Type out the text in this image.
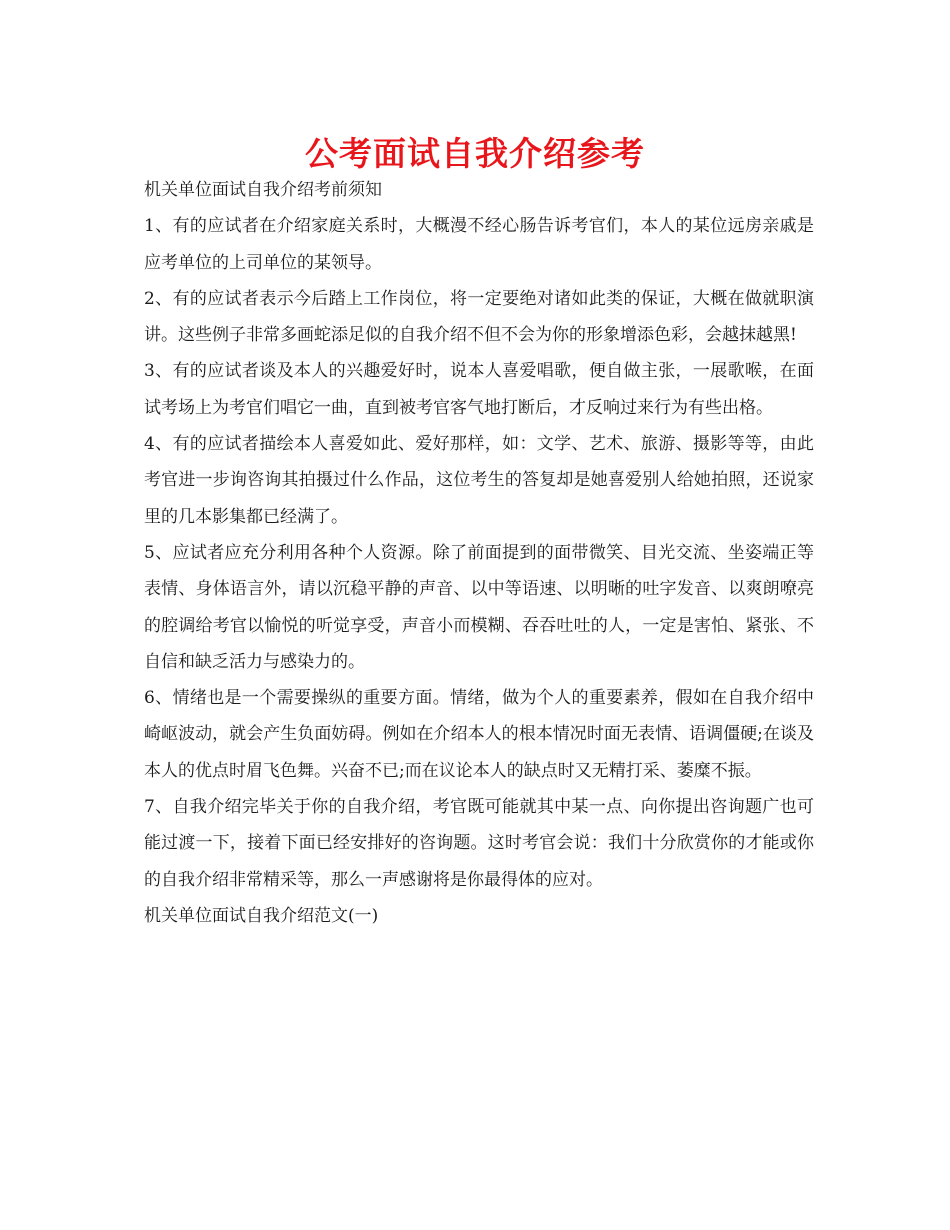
公考面试自我介绍参考

机关单位面试自我介绍考前须知

1、有的应试者在介绍家庭关系时，大概漫不经心肠告诉考官们，本人的某位远房亲戚是应考单位的上司单位的某领导。

2、有的应试者表示今后踏上工作岗位，将一定要绝对诸如此类的保证，大概在做就职演讲。这些例子非常多画蛇添足似的自我介绍不但不会为你的形象增添色彩，会越抹越黑!

3、有的应试者谈及本人的兴趣爱好时，说本人喜爱唱歌，便自做主张，一展歌喉，在面试考场上为考官们唱它一曲，直到被考官客气地打断后，才反响过来行为有些出格。

4、有的应试者描绘本人喜爱如此、爱好那样，如：文学、艺术、旅游、摄影等等，由此考官进一步询咨询其拍摄过什么作品，这位考生的答复却是她喜爱别人给她拍照，还说家里的几本影集都已经满了。

5、应试者应充分利用各种个人资源。除了前面提到的面带微笑、目光交流、坐姿端正等表情、身体语言外，请以沉稳平静的声音、以中等语速、以明晰的吐字发音、以爽朗嘹亮的腔调给考官以愉悦的听觉享受，声音小而模糊、吞吞吐吐的人，一定是害怕、紧张、不自信和缺乏活力与感染力的。

6、情绪也是一个需要操纵的重要方面。情绪，做为个人的重要素养，假如在自我介绍中崎岖波动，就会产生负面妨碍。例如在介绍本人的根本情况时面无表情、语调僵硬;在谈及本人的优点时眉飞色舞。兴奋不已;而在议论本人的缺点时又无精打采、萎糜不振。

7、自我介绍完毕关于你的自我介绍，考官既可能就其中某一点、向你提出咨询题广也可能过渡一下，接着下面已经安排好的咨询题。这时考官会说：我们十分欣赏你的才能或你的自我介绍非常精采等，那么一声感谢将是你最得体的应对。

机关单位面试自我介绍范文(一)
